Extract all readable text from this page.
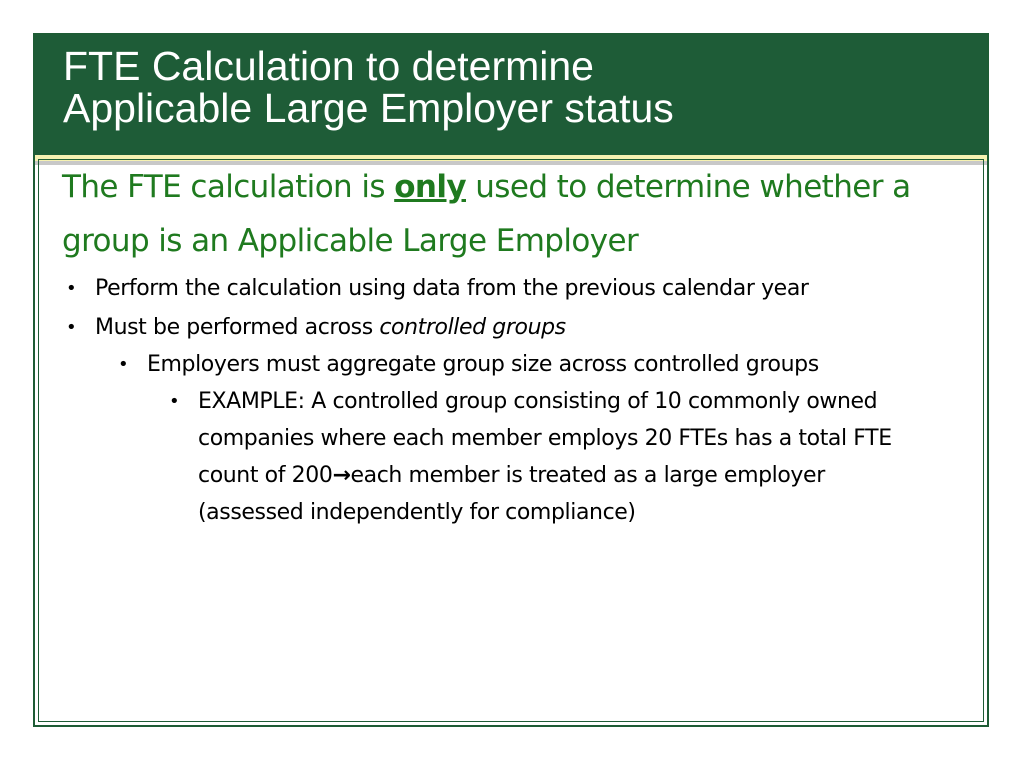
FTE Calculation to determine
Applicable Large Employer status
The FTE calculation is only used to determine whether a group is an Applicable Large Employer
• Perform the calculation using data from the previous calendar year
• Must be performed across controlled groups
• Employers must aggregate group size across controlled groups
• EXAMPLE: A controlled group consisting of 10 commonly owned companies where each member employs 20 FTEs has a total FTE count of 200→each member is treated as a large employer (assessed independently for compliance)
